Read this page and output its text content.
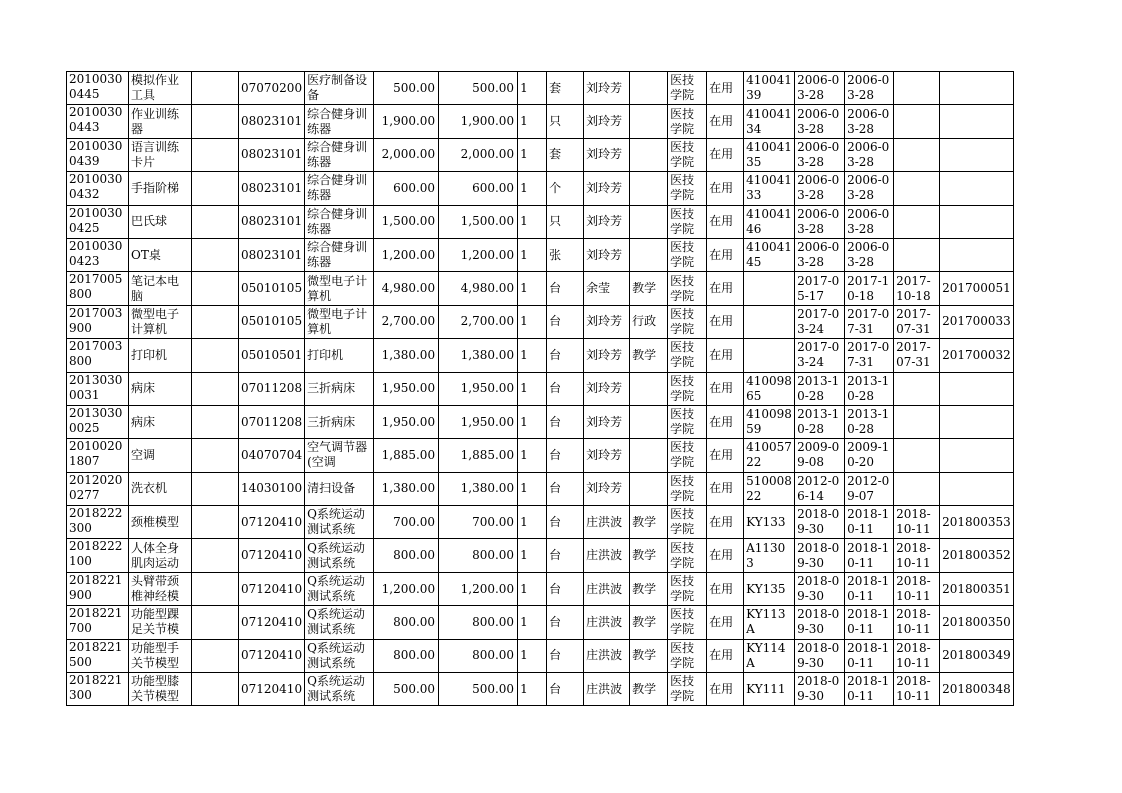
20100300445	模拟作业工具		07070200	医疗制备设备	500.00	500.00	1	套	刘玲芳		医技学院	在用	41004139	2006-03-28	2006-03-28		
20100300443	作业训练器		08023101	综合健身训练器	1,900.00	1,900.00	1	只	刘玲芳		医技学院	在用	41004134	2006-03-28	2006-03-28		
20100300439	语言训练卡片		08023101	综合健身训练器	2,000.00	2,000.00	1	套	刘玲芳		医技学院	在用	41004135	2006-03-28	2006-03-28		
20100300432	手指阶梯		08023101	综合健身训练器	600.00	600.00	1	个	刘玲芳		医技学院	在用	41004133	2006-03-28	2006-03-28		
20100300425	巴氏球		08023101	综合健身训练器	1,500.00	1,500.00	1	只	刘玲芳		医技学院	在用	41004146	2006-03-28	2006-03-28		
20100300423	OT桌		08023101	综合健身训练器	1,200.00	1,200.00	1	张	刘玲芳		医技学院	在用	41004145	2006-03-28	2006-03-28		
2017005800	笔记本电脑		05010105	微型电子计算机	4,980.00	4,980.00	1	台	余莹	教学	医技学院	在用		2017-05-17	2017-10-18	2017-10-18	201700051
2017003900	微型电子计算机		05010105	微型电子计算机	2,700.00	2,700.00	1	台	刘玲芳	行政	医技学院	在用		2017-03-24	2017-07-31	2017-07-31	201700033
2017003800	打印机		05010501	打印机	1,380.00	1,380.00	1	台	刘玲芳	教学	医技学院	在用		2017-03-24	2017-07-31	2017-07-31	201700032
20130300031	病床		07011208	三折病床	1,950.00	1,950.00	1	台	刘玲芳		医技学院	在用	41009865	2013-10-28	2013-10-28		
20130300025	病床		07011208	三折病床	1,950.00	1,950.00	1	台	刘玲芳		医技学院	在用	41009859	2013-10-28	2013-10-28		
20100201807	空调		04070704	空气调节器(空调	1,885.00	1,885.00	1	台	刘玲芳		医技学院	在用	41005722	2009-09-08	2009-10-20		
20120200277	洗衣机		14030100	清扫设备	1,380.00	1,380.00	1	台	刘玲芳		医技学院	在用	51000822	2012-06-14	2012-09-07		
2018222300	颈椎模型		07120410	Q系统运动测试系统	700.00	700.00	1	台	庄洪波	教学	医技学院	在用	KY133	2018-09-30	2018-10-11	2018-10-11	201800353
2018222100	人体全身肌肉运动		07120410	Q系统运动测试系统	800.00	800.00	1	台	庄洪波	教学	医技学院	在用	A11303	2018-09-30	2018-10-11	2018-10-11	201800352
2018221900	头臂带颈椎神经模		07120410	Q系统运动测试系统	1,200.00	1,200.00	1	台	庄洪波	教学	医技学院	在用	KY135	2018-09-30	2018-10-11	2018-10-11	201800351
2018221700	功能型踝足关节模		07120410	Q系统运动测试系统	800.00	800.00	1	台	庄洪波	教学	医技学院	在用	KY113A	2018-09-30	2018-10-11	2018-10-11	201800350
2018221500	功能型手关节模型		07120410	Q系统运动测试系统	800.00	800.00	1	台	庄洪波	教学	医技学院	在用	KY114A	2018-09-30	2018-10-11	2018-10-11	201800349
2018221300	功能型膝关节模型		07120410	Q系统运动测试系统	500.00	500.00	1	台	庄洪波	教学	医技学院	在用	KY111	2018-09-30	2018-10-11	2018-10-11	201800348
